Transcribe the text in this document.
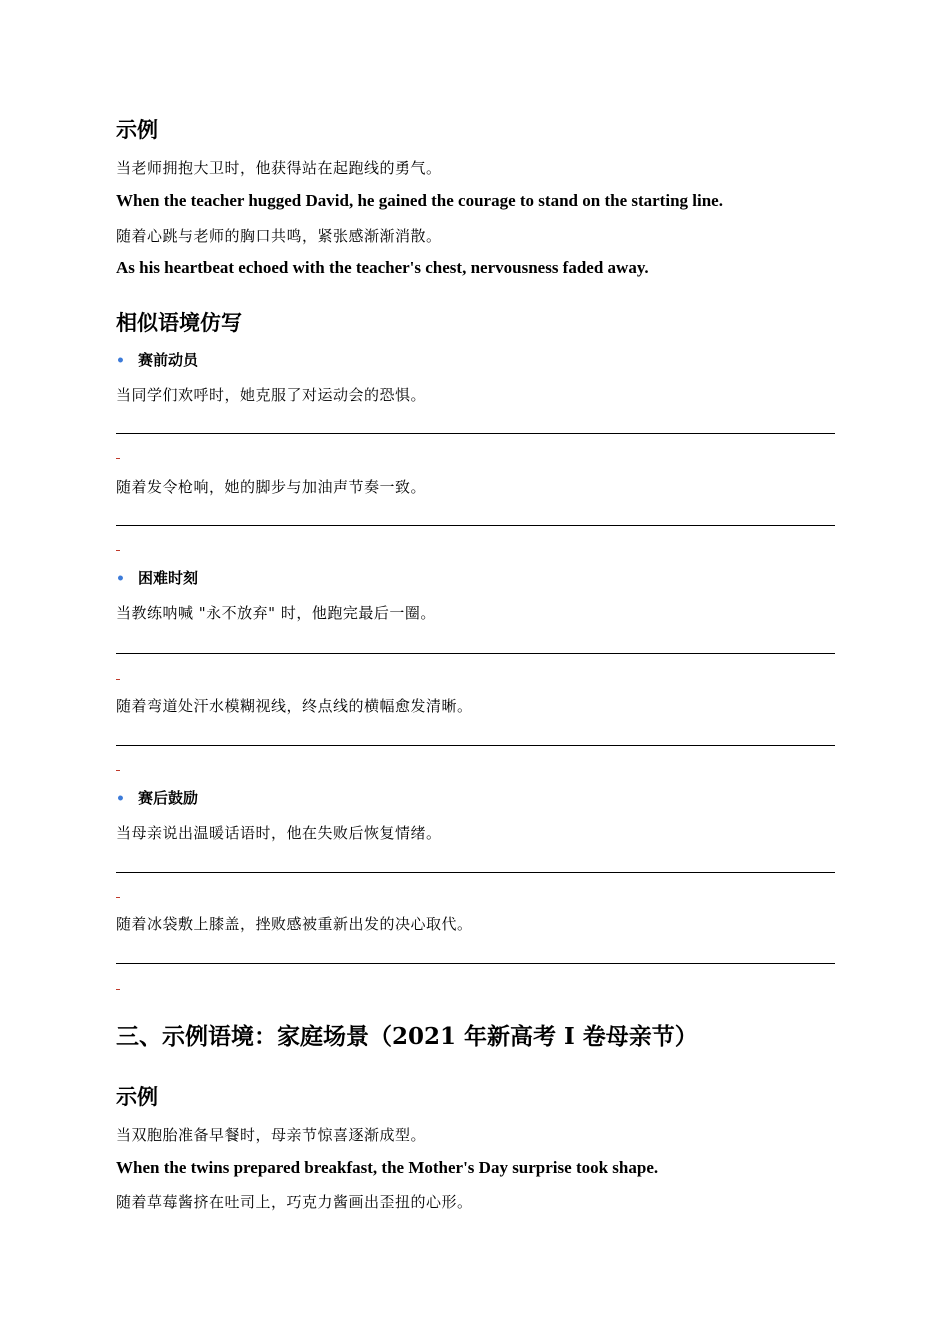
示例
当老师拥抱大卫时，他获得站在起跑线的勇气。
When the teacher hugged David, he gained the courage to stand on the starting line.
随着心跳与老师的胸口共鸣，紧张感渐渐消散。
As his heartbeat echoed with the teacher's chest, nervousness faded away.
相似语境仿写
• 赛前动员
当同学们欢呼时，她克服了对运动会的恐惧。
随着发令枪响，她的脚步与加油声节奏一致。
• 困难时刻
当教练呐喊 "永不放弃" 时，他跑完最后一圈。
随着弯道处汗水模糊视线，终点线的横幅愈发清晰。
• 赛后鼓励
当母亲说出温暖话语时，他在失败后恢复情绪。
随着冰袋敷上膝盖，挫败感被重新出发的决心取代。
三、示例语境：家庭场景（2021 年新高考 Ⅰ 卷母亲节）
示例
当双胞胎准备早餐时，母亲节惊喜逐渐成型。
When the twins prepared breakfast, the Mother's Day surprise took shape.
随着草莓酱挤在吐司上，巧克力酱画出歪扭的心形。
